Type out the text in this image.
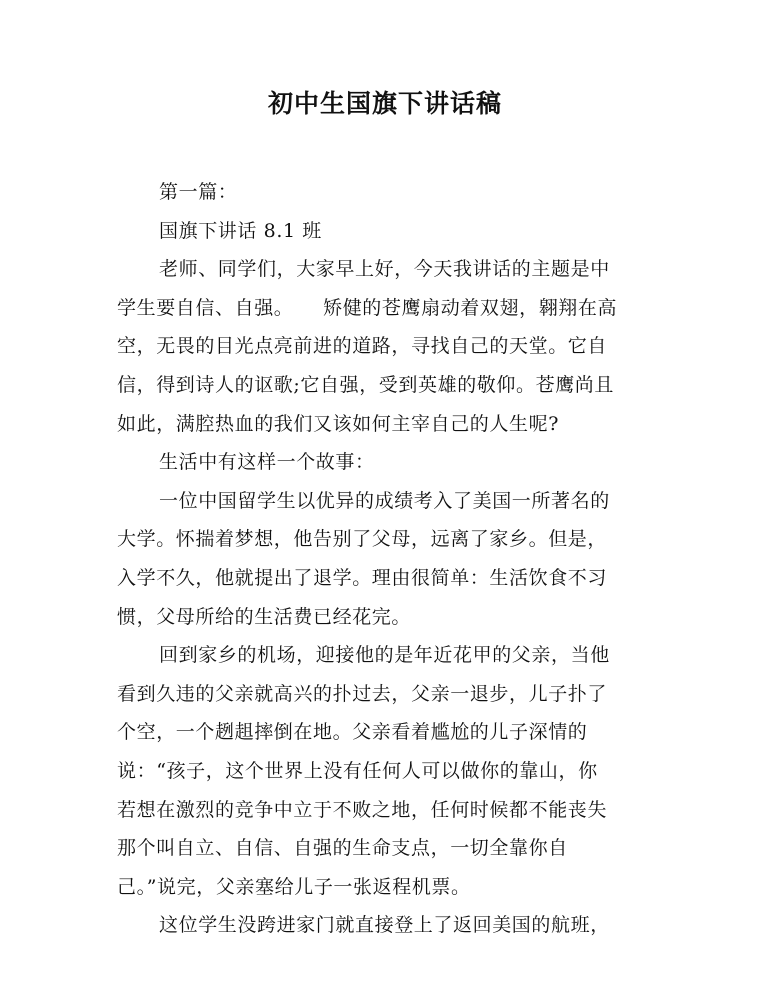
初中生国旗下讲话稿
第一篇：
国旗下讲话 8.1 班
老师、同学们，大家早上好，今天我讲话的主题是中
学生要自信、自强。　　矫健的苍鹰扇动着双翅，翱翔在高
空，无畏的目光点亮前进的道路，寻找自己的天堂。它自
信，得到诗人的讴歌;它自强，受到英雄的敬仰。苍鹰尚且
如此，满腔热血的我们又该如何主宰自己的人生呢?
生活中有这样一个故事：
一位中国留学生以优异的成绩考入了美国一所著名的
大学。怀揣着梦想，他告别了父母，远离了家乡。但是，
入学不久，他就提出了退学。理由很简单：生活饮食不习
惯，父母所给的生活费已经花完。
回到家乡的机场，迎接他的是年近花甲的父亲，当他
看到久违的父亲就高兴的扑过去，父亲一退步，儿子扑了
个空，一个趔趄摔倒在地。父亲看着尴尬的儿子深情的
说：“孩子，这个世界上没有任何人可以做你的靠山，你
若想在激烈的竞争中立于不败之地，任何时候都不能丧失
那个叫自立、自信、自强的生命支点，一切全靠你自
己。”说完，父亲塞给儿子一张返程机票。
这位学生没跨进家门就直接登上了返回美国的航班，
